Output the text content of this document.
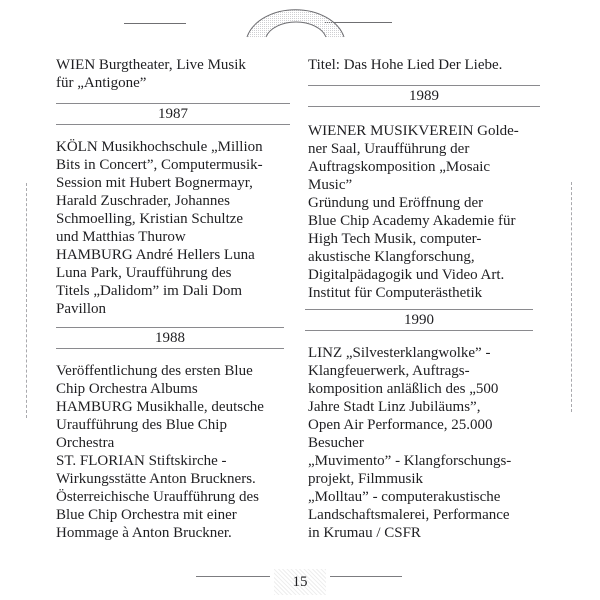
WIEN Burgtheater, Live Musik

für „Antigone”

1987

KÖLN Musikhochschule „Million

Bits in Concert”, Computermusik-

Session mit Hubert Bognermayr,

Harald Zuschrader, Johannes

Schmoelling, Kristian Schultze

und Matthias Thurow

HAMBURG André Hellers Luna

Luna Park, Uraufführung des

Titels „Dalidom” im Dali Dom

Pavillon

1988

Veröffentlichung des ersten Blue

Chip Orchestra Albums

HAMBURG Musikhalle, deutsche

Uraufführung des Blue Chip

Orchestra

ST. FLORIAN Stiftskirche -

Wirkungsstätte Anton Bruckners.

Österreichische Uraufführung des

Blue Chip Orchestra mit einer

Hommage à Anton Bruckner.

Titel: Das Hohe Lied Der Liebe.

1989

WIENER MUSIKVEREIN Golde-

ner Saal, Uraufführung der

Auftragskomposition „Mosaic

Music”

Gründung und Eröffnung der

Blue Chip Academy Akademie für

High Tech Musik, computer-

akustische Klangforschung,

Digitalpädagogik und Video Art.

Institut für Computerästhetik

1990

LINZ „Silvesterklangwolke” -

Klangfeuerwerk, Auftrags-

komposition anläßlich des „500

Jahre Stadt Linz Jubiläums”,

Open Air Performance, 25.000

Besucher

„Muvimento” - Klangforschungs-

projekt, Filmmusik

„Molltau” - computerakustische

Landschaftsmalerei, Performance

in Krumau / CSFR

15
